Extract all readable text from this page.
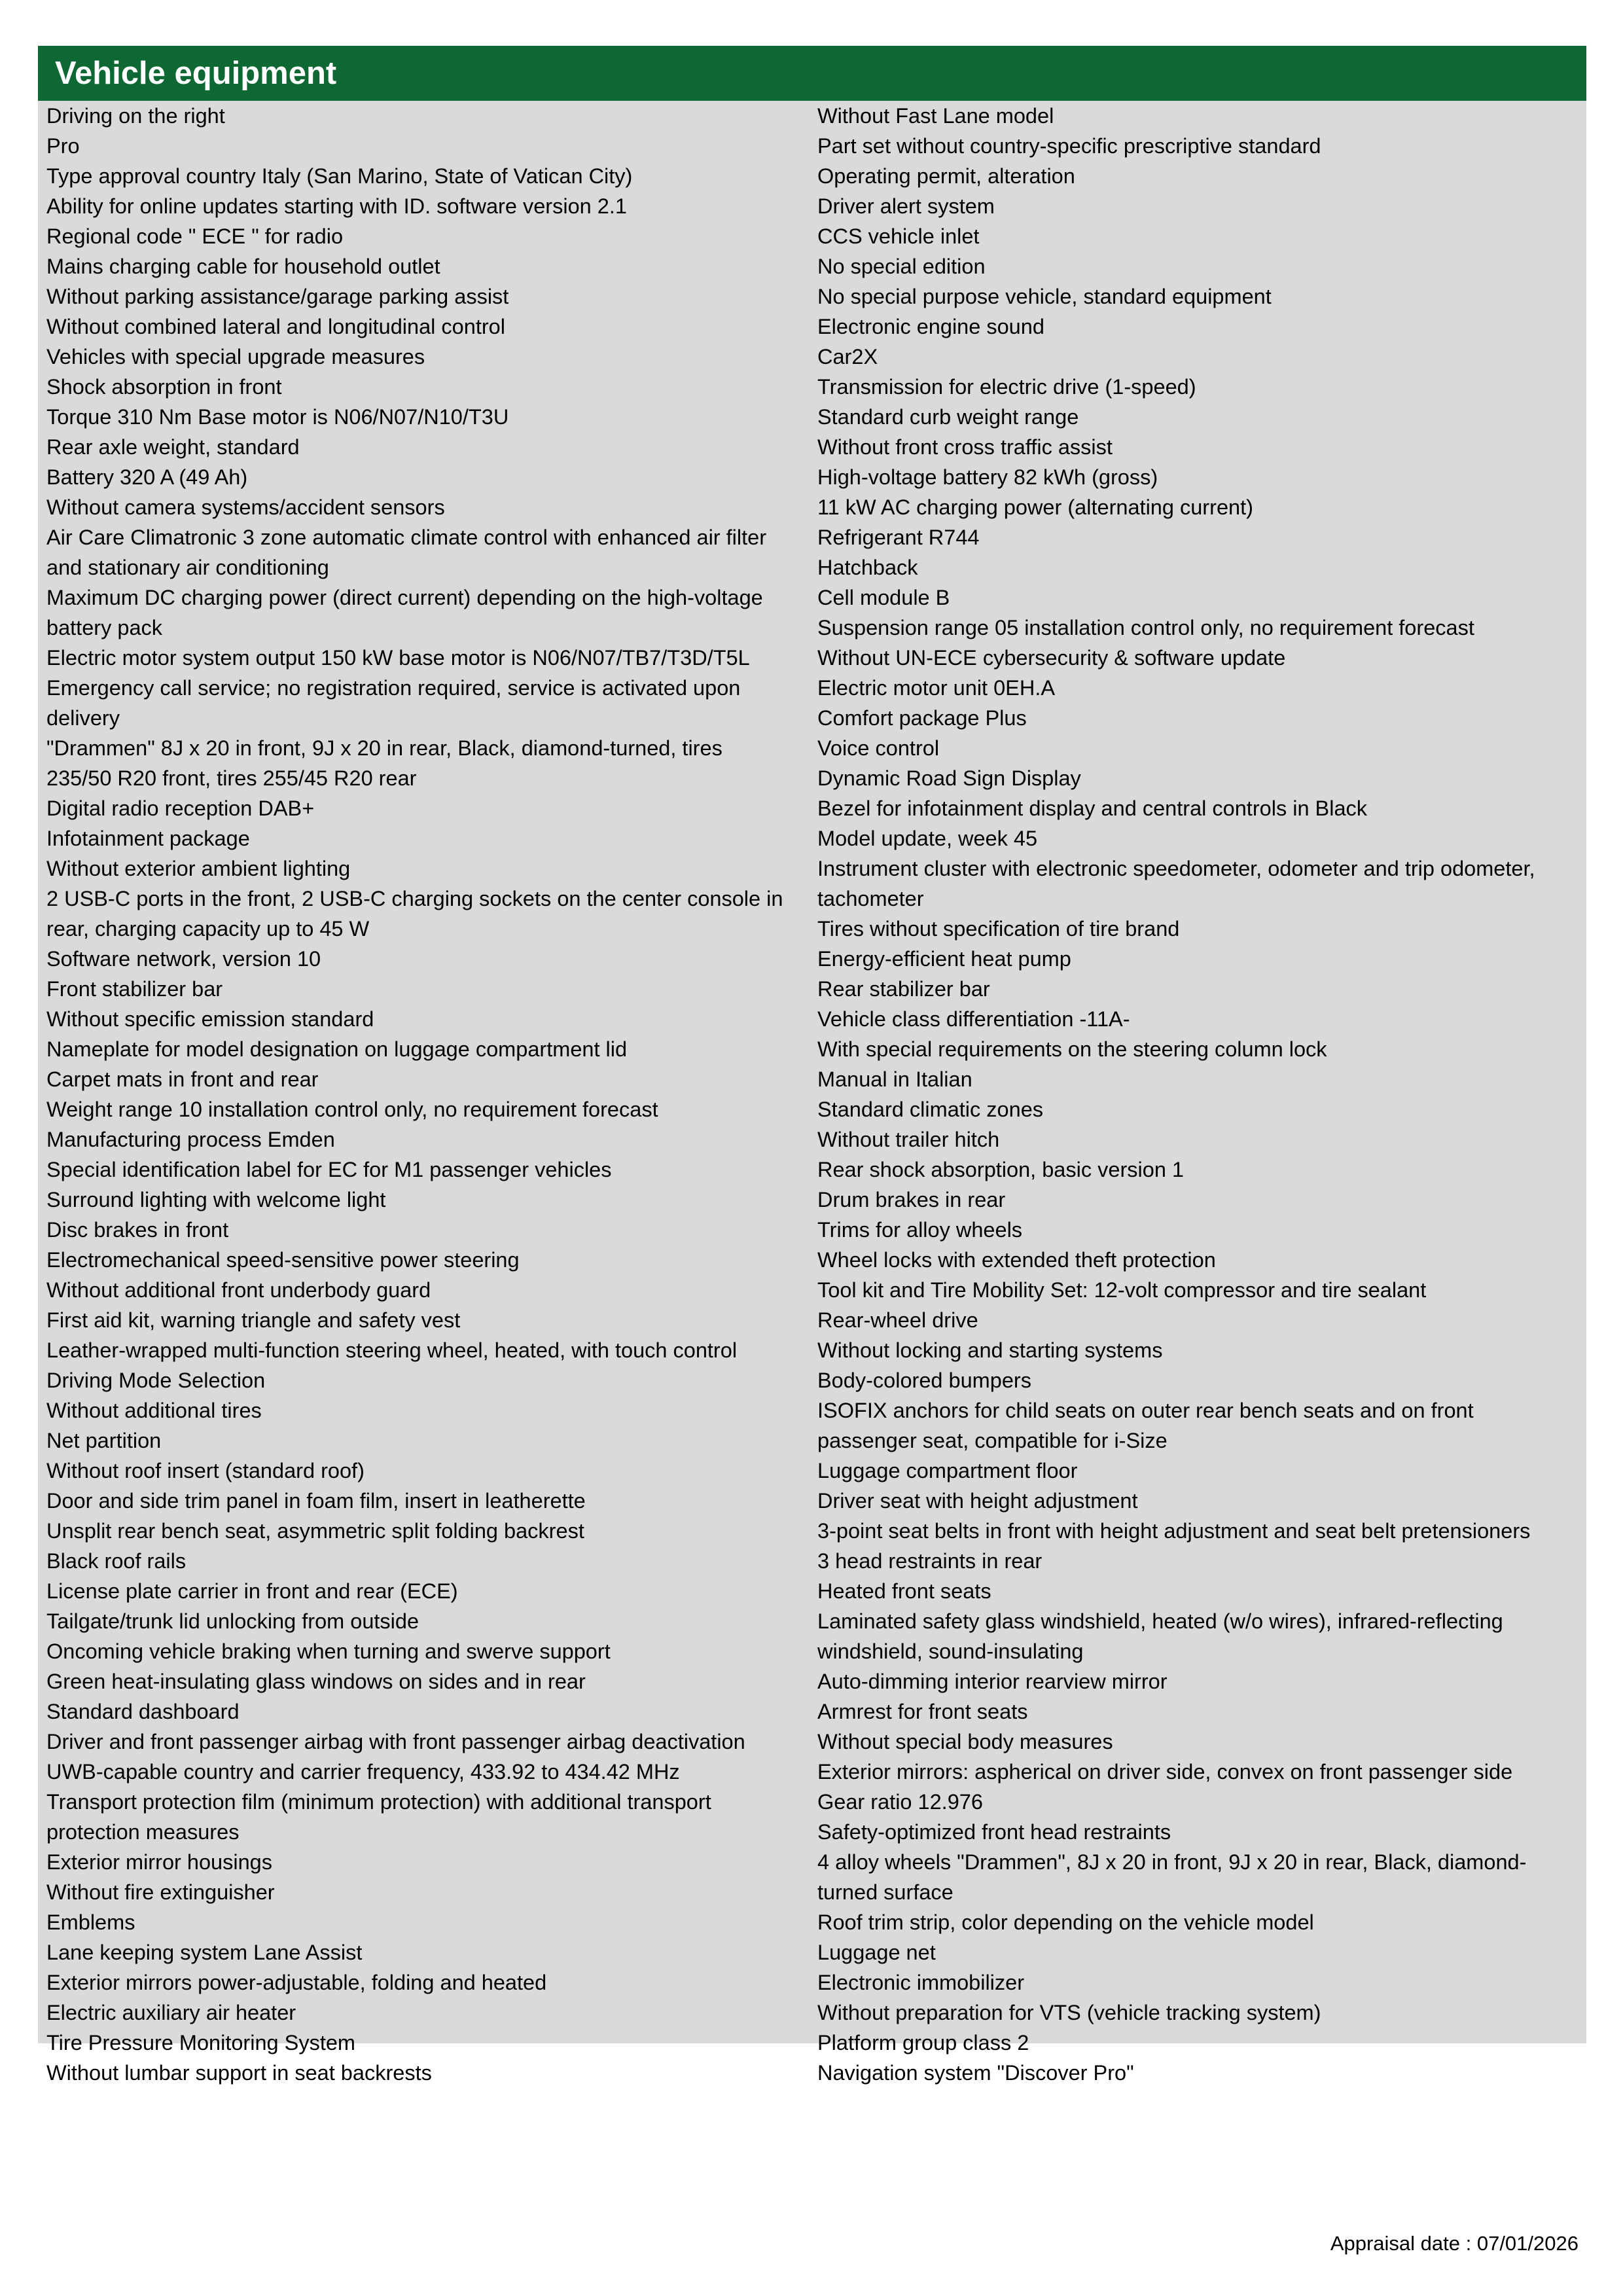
Vehicle equipment
Driving on the right
Pro
Type approval country Italy (San Marino, State of Vatican City)
Ability for online updates starting with ID. software version 2.1
Regional code " ECE " for radio
Mains charging cable for household outlet
Without parking assistance/garage parking assist
Without combined lateral and longitudinal control
Vehicles with special upgrade measures
Shock absorption in front
Torque 310 Nm Base motor is N06/N07/N10/T3U
Rear axle weight, standard
Battery 320 A (49 Ah)
Without camera systems/accident sensors
Air Care Climatronic 3 zone automatic climate control with enhanced air filter
and stationary air conditioning
Maximum DC charging power (direct current) depending on the high-voltage
battery pack
Electric motor system output 150 kW base motor is N06/N07/TB7/T3D/T5L
Emergency call service; no registration required, service is activated upon
delivery
"Drammen" 8J x 20 in front, 9J x 20 in rear, Black, diamond-turned, tires
235/50 R20 front, tires 255/45 R20 rear
Digital radio reception DAB+
Infotainment package
Without exterior ambient lighting
2 USB-C ports in the front, 2 USB-C charging sockets on the center console in
rear, charging capacity up to 45 W
Software network, version 10
Front stabilizer bar
Without specific emission standard
Nameplate for model designation on luggage compartment lid
Carpet mats in front and rear
Weight range 10 installation control only, no requirement forecast
Manufacturing process Emden
Special identification label for EC for M1 passenger vehicles
Surround lighting with welcome light
Disc brakes in front
Electromechanical speed-sensitive power steering
Without additional front underbody guard
First aid kit, warning triangle and safety vest
Leather-wrapped multi-function steering wheel, heated, with touch control
Driving Mode Selection
Without additional tires
Net partition
Without roof insert (standard roof)
Door and side trim panel in foam film, insert in leatherette
Unsplit rear bench seat, asymmetric split folding backrest
Black roof rails
License plate carrier in front and rear (ECE)
Tailgate/trunk lid unlocking from outside
Oncoming vehicle braking when turning and swerve support
Green heat-insulating glass windows on sides and in rear
Standard dashboard
Driver and front passenger airbag with front passenger airbag deactivation
UWB-capable country and carrier frequency, 433.92 to 434.42 MHz
Transport protection film (minimum protection) with additional transport
protection measures
Exterior mirror housings
Without fire extinguisher
Emblems
Lane keeping system Lane Assist
Exterior mirrors power-adjustable, folding and heated
Electric auxiliary air heater
Tire Pressure Monitoring System
Without lumbar support in seat backrests
Without Fast Lane model
Part set without country-specific prescriptive standard
Operating permit, alteration
Driver alert system
CCS vehicle inlet
No special edition
No special purpose vehicle, standard equipment
Electronic engine sound
Car2X
Transmission for electric drive (1-speed)
Standard curb weight range
Without front cross traffic assist
High-voltage battery 82 kWh (gross)
11 kW AC charging power (alternating current)
Refrigerant R744
Hatchback
Cell module B
Suspension range 05 installation control only, no requirement forecast
Without UN-ECE cybersecurity & software update
Electric motor unit 0EH.A
Comfort package Plus
Voice control
Dynamic Road Sign Display
Bezel for infotainment display and central controls in Black
Model update, week 45
Instrument cluster with electronic speedometer, odometer and trip odometer,
tachometer
Tires without specification of tire brand
Energy-efficient heat pump
Rear stabilizer bar
Vehicle class differentiation -11A-
With special requirements on the steering column lock
Manual in Italian
Standard climatic zones
Without trailer hitch
Rear shock absorption, basic version 1
Drum brakes in rear
Trims for alloy wheels
Wheel locks with extended theft protection
Tool kit and Tire Mobility Set: 12-volt compressor and tire sealant
Rear-wheel drive
Without locking and starting systems
Body-colored bumpers
ISOFIX anchors for child seats on outer rear bench seats and on front
passenger seat, compatible for i-Size
Luggage compartment floor
Driver seat with height adjustment
3-point seat belts in front with height adjustment and seat belt pretensioners
3 head restraints in rear
Heated front seats
Laminated safety glass windshield, heated (w/o wires), infrared-reflecting
windshield, sound-insulating
Auto-dimming interior rearview mirror
Armrest for front seats
Without special body measures
Exterior mirrors: aspherical on driver side, convex on front passenger side
Gear ratio 12.976
Safety-optimized front head restraints
4 alloy wheels "Drammen", 8J x 20 in front, 9J x 20 in rear, Black, diamond-
turned surface
Roof trim strip, color depending on the vehicle model
Luggage net
Electronic immobilizer
Without preparation for VTS (vehicle tracking system)
Platform group class 2
Navigation system "Discover Pro"
Appraisal date : 07/01/2026
